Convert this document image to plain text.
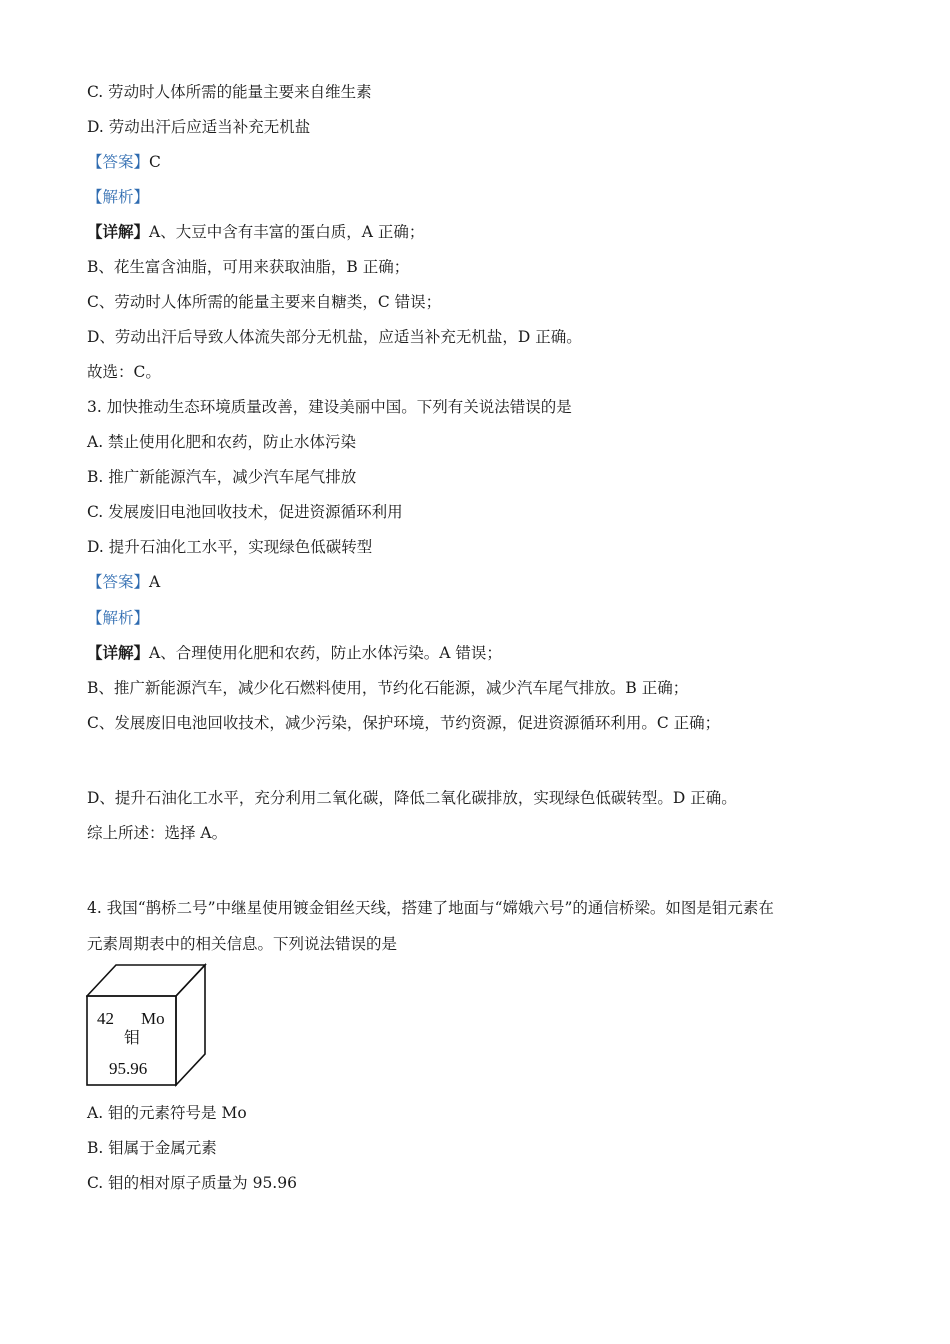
C. 劳动时人体所需的能量主要来自维生素
D. 劳动出汗后应适当补充无机盐
【答案】C
【解析】
【详解】A、大豆中含有丰富的蛋白质，A 正确；
B、花生富含油脂，可用来获取油脂，B 正确；
C、劳动时人体所需的能量主要来自糖类，C 错误；
D、劳动出汗后导致人体流失部分无机盐，应适当补充无机盐，D 正确。
故选：C。
3. 加快推动生态环境质量改善，建设美丽中国。下列有关说法错误的是
A. 禁止使用化肥和农药，防止水体污染
B. 推广新能源汽车，减少汽车尾气排放
C. 发展废旧电池回收技术，促进资源循环利用
D. 提升石油化工水平，实现绿色低碳转型
【答案】A
【解析】
【详解】A、合理使用化肥和农药，防止水体污染。A 错误；
B、推广新能源汽车，减少化石燃料使用，节约化石能源，减少汽车尾气排放。B 正确；
C、发展废旧电池回收技术，减少污染，保护环境，节约资源，促进资源循环利用。C 正确；
D、提升石油化工水平，充分利用二氧化碳，降低二氧化碳排放，实现绿色低碳转型。D 正确。
综上所述：选择 A。
4. 我国“鹊桥二号”中继星使用镀金钼丝天线，搭建了地面与“嫦娥六号”的通信桥梁。如图是钼元素在
元素周期表中的相关信息。下列说法错误的是
42 Mo
钼
95.96
A. 钼的元素符号是 Mo
B. 钼属于金属元素
C. 钼的相对原子质量为 95.96
